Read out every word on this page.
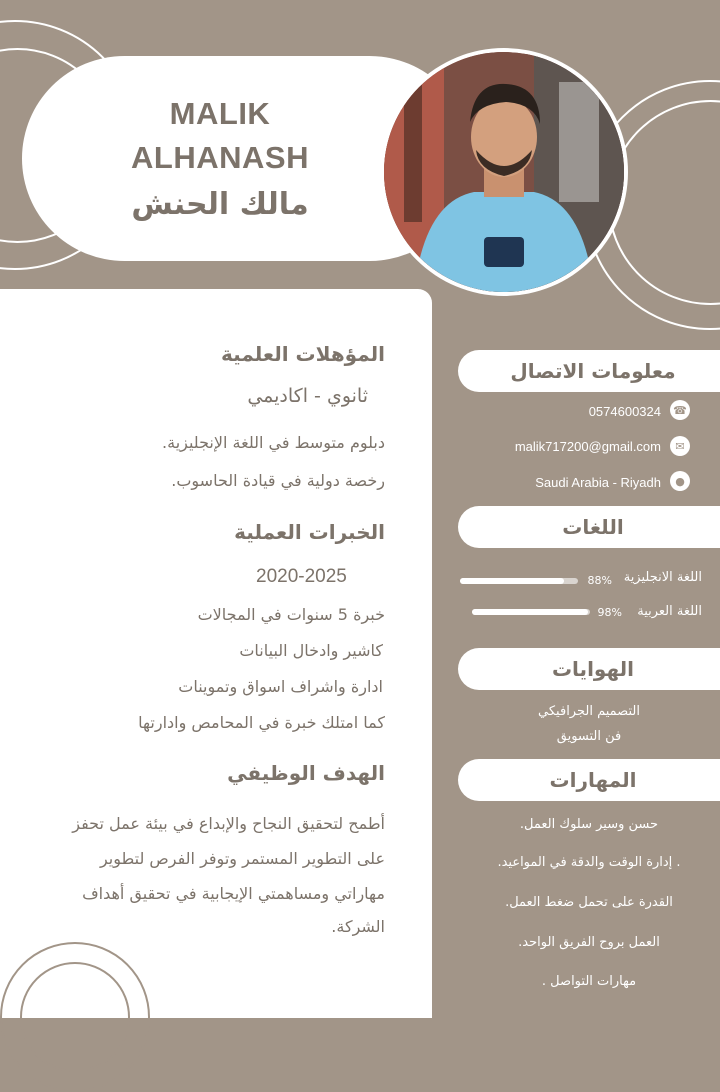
MALIK
ALHANASH
مالك الحنش
المؤهلات العلمية
ثانوي - اكاديمي
دبلوم متوسط في اللغة الإنجليزية.
رخصة دولية في قيادة الحاسوب.
الخبرات العملية
2020-2025
خبرة 5 سنوات في المجالات
كاشير وادخال البيانات
ادارة واشراف اسواق وتموينات
كما امتلك خبرة في المحامص وادارتها
الهدف الوظيفي
أطمح لتحقيق النجاح والإبداع في بيئة عمل تحفز
على التطوير المستمر وتوفر الفرص لتطوير
مهاراتي ومساهمتي الإيجابية في تحقيق أهداف
الشركة.
معلومات الاتصال
☎
0574600324
✉
malik717200@gmail.com
●
Saudi Arabia - Riyadh
اللغات
اللغة الانجليزية
88%
اللغة العربية
98%
الهوايات
التصميم الجرافيكي
فن التسويق
المهارات
حسن وسير سلوك العمل.
. إدارة الوقت والدقة في المواعيد.
القدرة على تحمل ضغط العمل.
العمل بروح الفريق الواحد.
مهارات التواصل .
